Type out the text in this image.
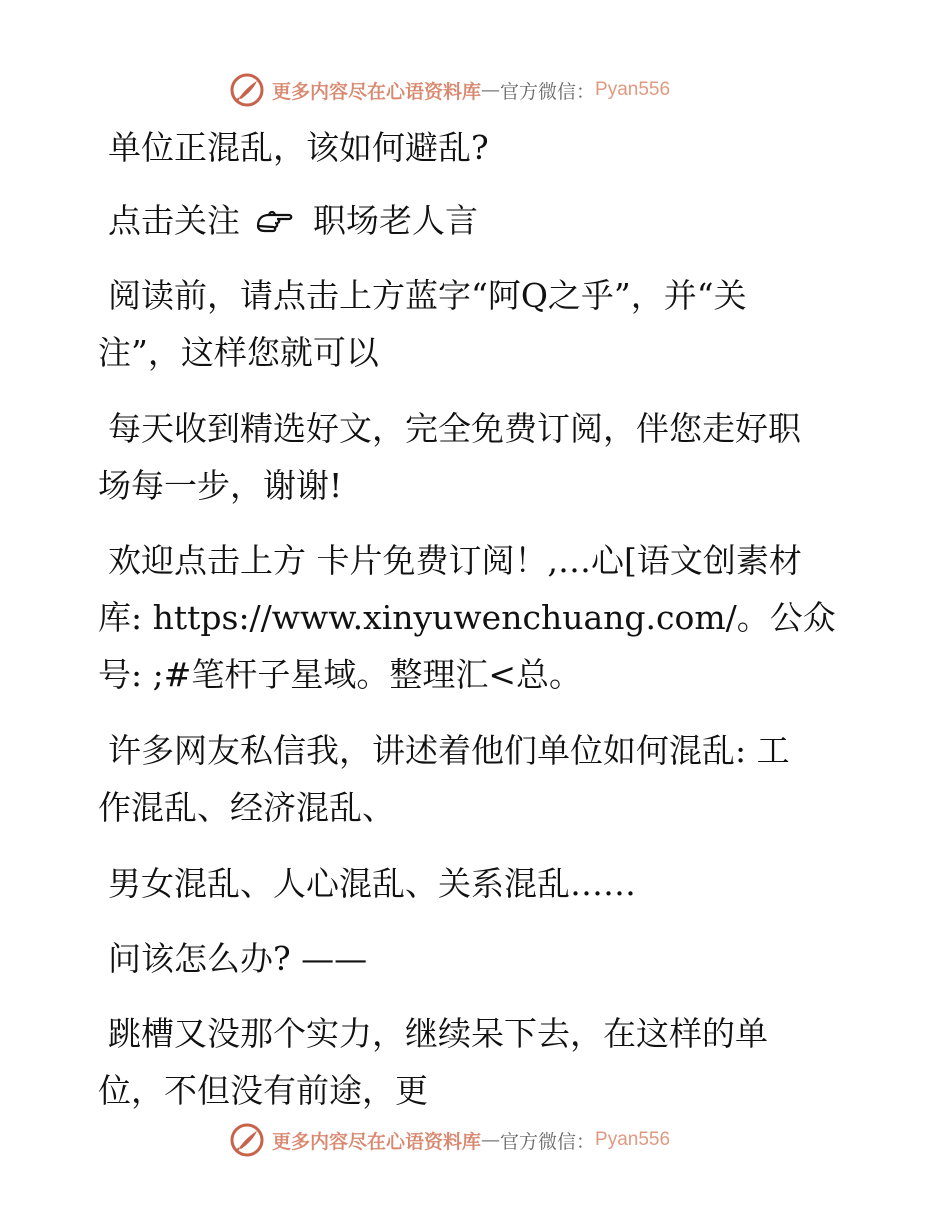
更多内容尽在心语资料库 — 官方微信： Pyan556
单位正混乱，该如何避乱?
点击关注 职场老人言
阅读前，请点击上方蓝字“阿Q之乎”，并“关
注”，这样您就可以
每天收到精选好文，完全免费订阅，伴您走好职
场每一步，谢谢!
欢迎点击上方 卡片免费订阅！,…心[语文创素材
库: https://www.xinyuwenchuang.com/。公众
号: ;#笔杆子星域。整理汇<总。
许多网友私信我，讲述着他们单位如何混乱: 工
作混乱、经济混乱、
男女混乱、人心混乱、关系混乱……
问该怎么办? ——
跳槽又没那个实力，继续呆下去，在这样的单
位，不但没有前途，更
更多内容尽在心语资料库 — 官方微信： Pyan556
